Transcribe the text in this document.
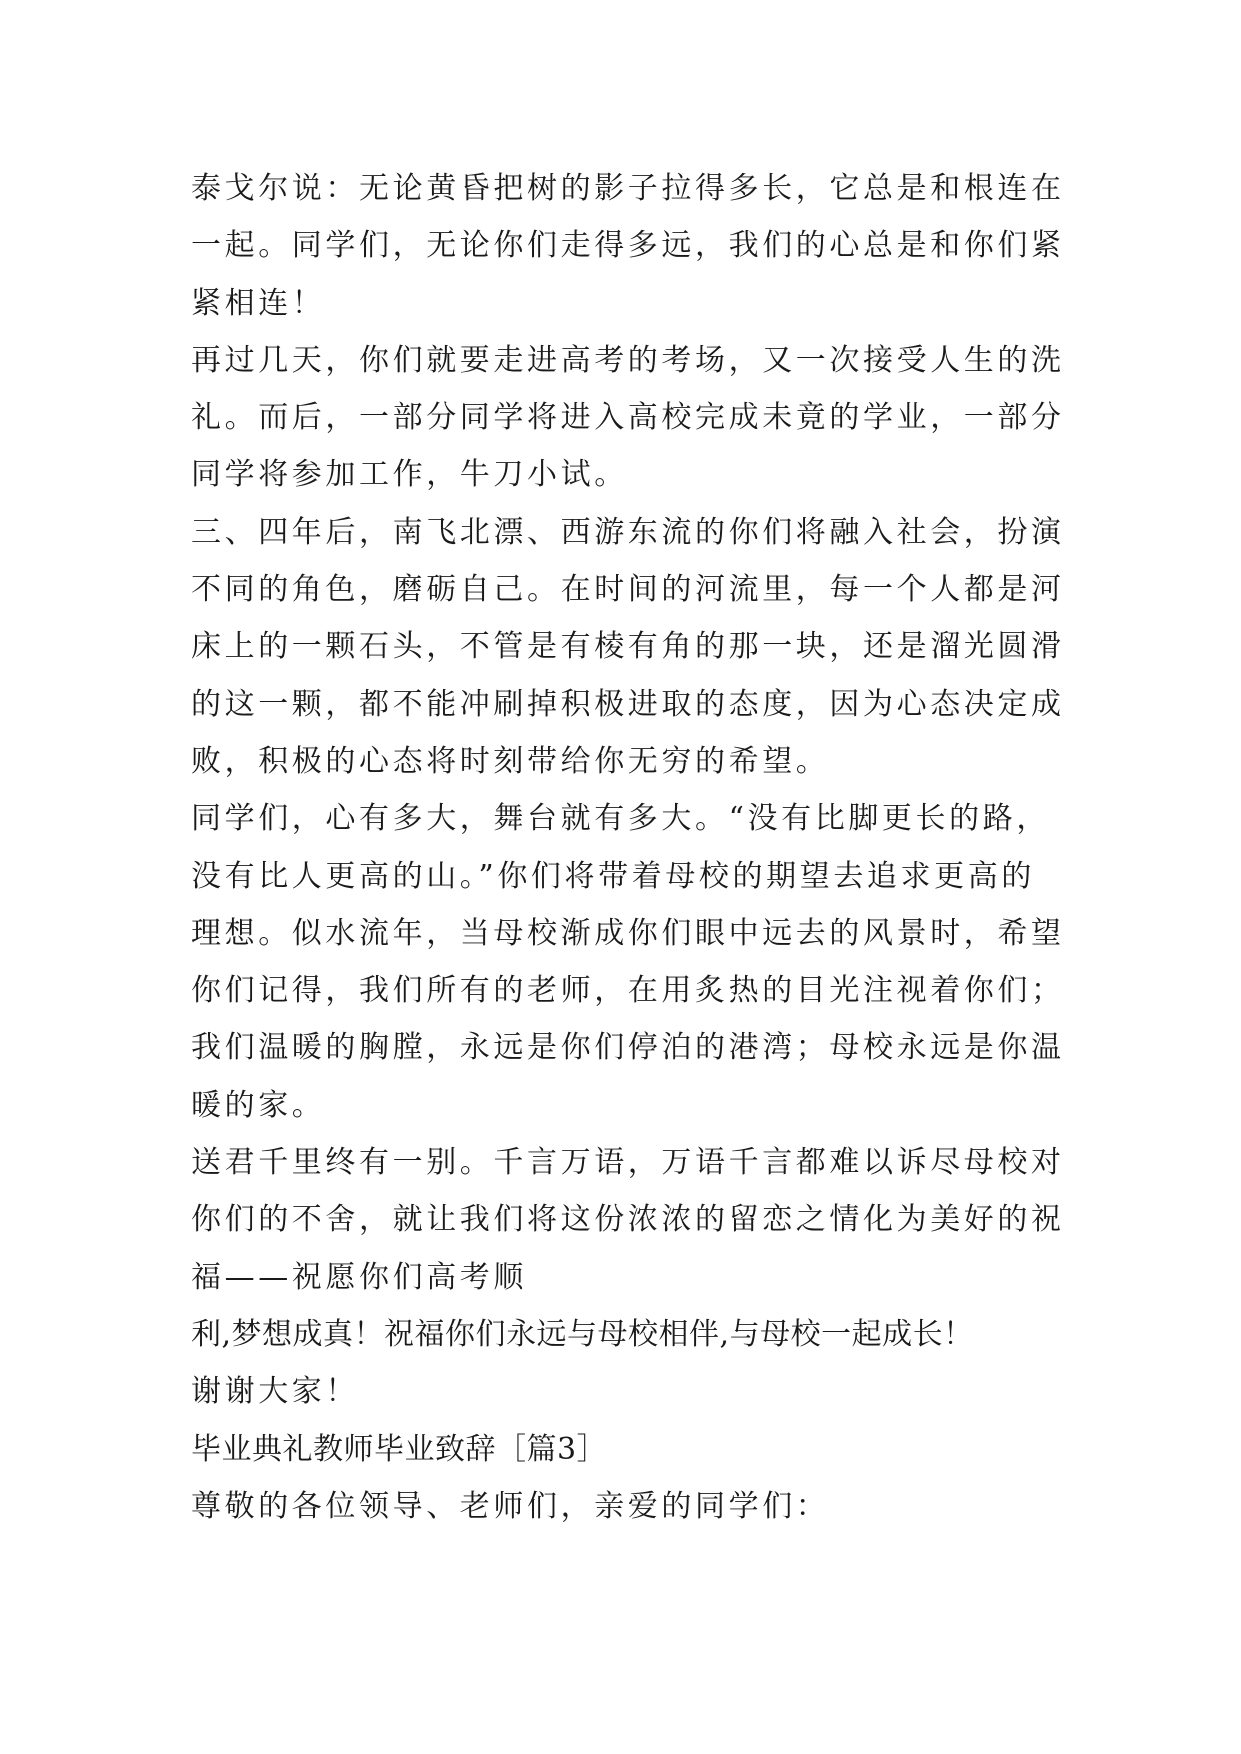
泰戈尔说：无论黄昏把树的影子拉得多长，它总是和根连在
一起。同学们，无论你们走得多远，我们的心总是和你们紧
紧相连！
再过几天，你们就要走进高考的考场，又一次接受人生的洗
礼。而后，一部分同学将进入高校完成未竟的学业，一部分
同学将参加工作，牛刀小试。
三、四年后，南飞北漂、西游东流的你们将融入社会，扮演
不同的角色，磨砺自己。在时间的河流里，每一个人都是河
床上的一颗石头，不管是有棱有角的那一块，还是溜光圆滑
的这一颗，都不能冲刷掉积极进取的态度，因为心态决定成
败，积极的心态将时刻带给你无穷的希望。
同学们，心有多大，舞台就有多大。“没有比脚更长的路，
没有比人更高的山。”你们将带着母校的期望去追求更高的
理想。似水流年，当母校渐成你们眼中远去的风景时，希望
你们记得，我们所有的老师，在用炙热的目光注视着你们；
我们温暖的胸膛，永远是你们停泊的港湾；母校永远是你温
暖的家。
送君千里终有一别。千言万语，万语千言都难以诉尽母校对
你们的不舍，就让我们将这份浓浓的留恋之情化为美好的祝
福——祝愿你们高考顺
利,梦想成真！祝福你们永远与母校相伴,与母校一起成长！
谢谢大家！
毕业典礼教师毕业致辞［篇3］
尊敬的各位领导、老师们，亲爱的同学们：
